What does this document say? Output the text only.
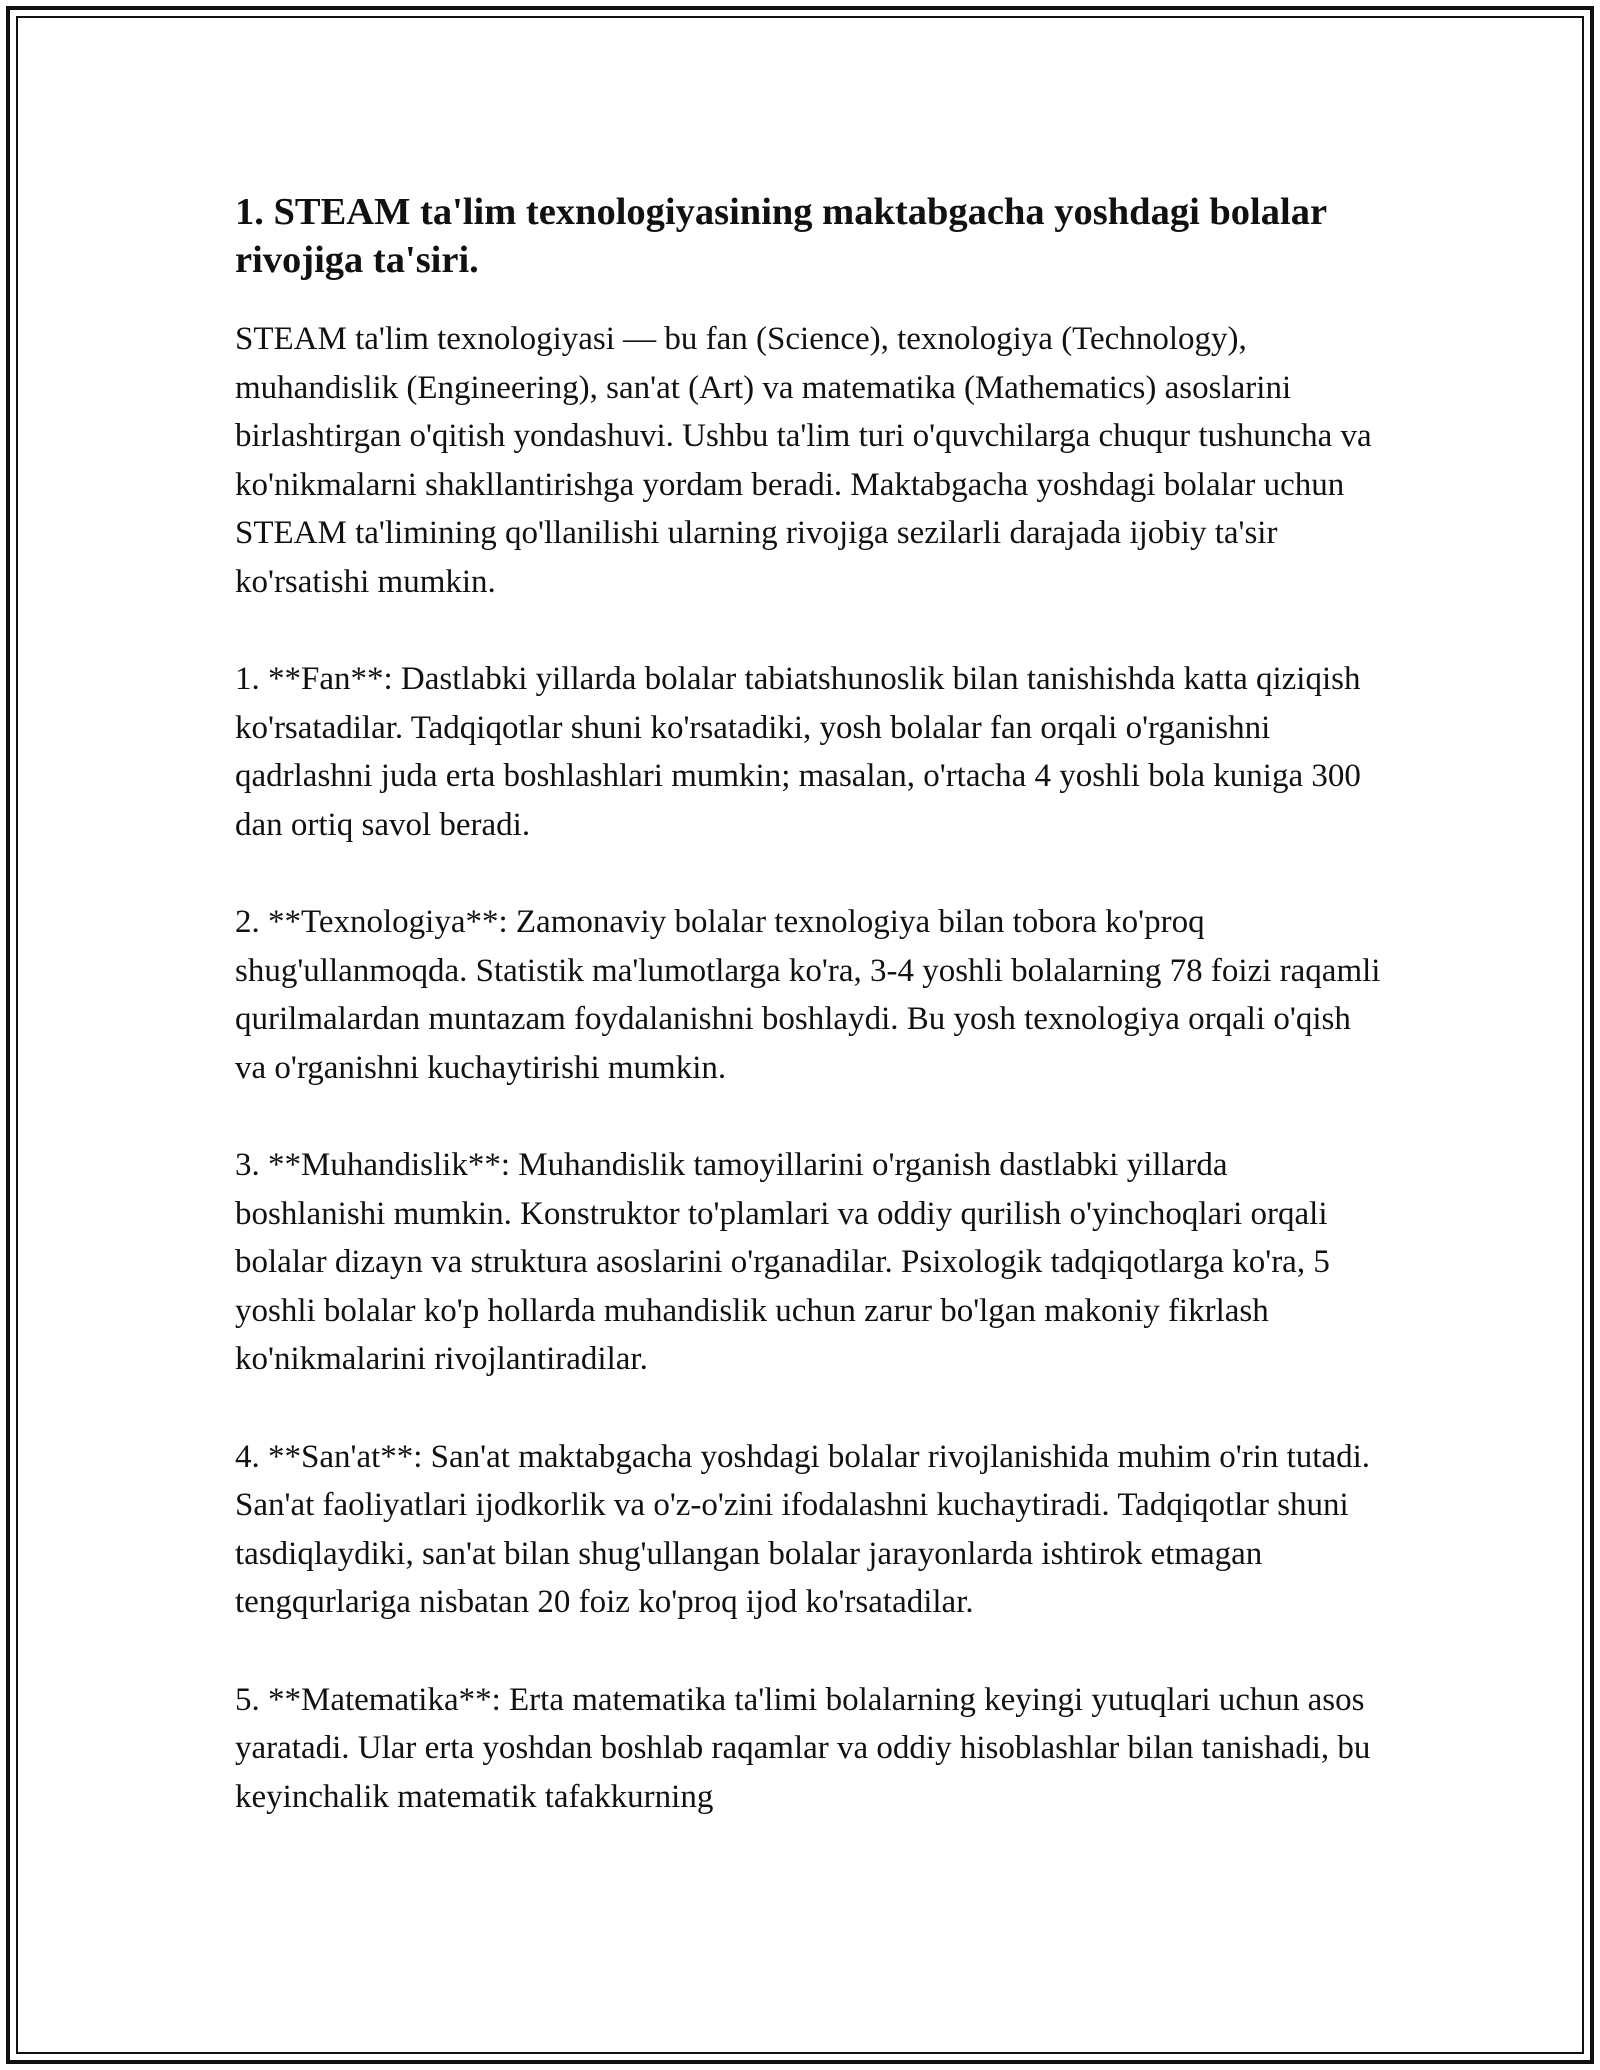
1. STEAM ta'lim texnologiyasining maktabgacha yoshdagi bolalar rivojiga ta'siri.

STEAM ta'lim texnologiyasi — bu fan (Science), texnologiya (Technology), muhandislik (Engineering), san'at (Art) va matematika (Mathematics) asoslarini birlashtirgan o'qitish yondashuvi. Ushbu ta'lim turi o'quvchilarga chuqur tushuncha va ko'nikmalarni shakllantirishga yordam beradi. Maktabgacha yoshdagi bolalar uchun STEAM ta'limining qo'llanilishi ularning rivojiga sezilarli darajada ijobiy ta'sir ko'rsatishi mumkin.

1. **Fan**: Dastlabki yillarda bolalar tabiatshunoslik bilan tanishishda katta qiziqish ko'rsatadilar. Tadqiqotlar shuni ko'rsatadiki, yosh bolalar fan orqali o'rganishni qadrlashni juda erta boshlashlari mumkin; masalan, o'rtacha 4 yoshli bola kuniga 300 dan ortiq savol beradi.

2. **Texnologiya**: Zamonaviy bolalar texnologiya bilan tobora ko'proq shug'ullanmoqda. Statistik ma'lumotlarga ko'ra, 3-4 yoshli bolalarning 78 foizi raqamli qurilmalardan muntazam foydalanishni boshlaydi. Bu yosh texnologiya orqali o'qish va o'rganishni kuchaytirishi mumkin.

3. **Muhandislik**: Muhandislik tamoyillarini o'rganish dastlabki yillarda boshlanishi mumkin. Konstruktor to'plamlari va oddiy qurilish o'yinchoqlari orqali bolalar dizayn va struktura asoslarini o'rganadilar. Psixologik tadqiqotlarga ko'ra, 5 yoshli bolalar ko'p hollarda muhandislik uchun zarur bo'lgan makoniy fikrlash ko'nikmalarini rivojlantiradilar.

4. **San'at**: San'at maktabgacha yoshdagi bolalar rivojlanishida muhim o'rin tutadi. San'at faoliyatlari ijodkorlik va o'z-o'zini ifodalashni kuchaytiradi. Tadqiqotlar shuni tasdiqlaydiki, san'at bilan shug'ullangan bolalar jarayonlarda ishtirok etmagan tengqurlariga nisbatan 20 foiz ko'proq ijod ko'rsatadilar.

5. **Matematika**: Erta matematika ta'limi bolalarning keyingi yutuqlari uchun asos yaratadi. Ular erta yoshdan boshlab raqamlar va oddiy hisoblashlar bilan tanishadi, bu keyinchalik matematik tafakkurning
